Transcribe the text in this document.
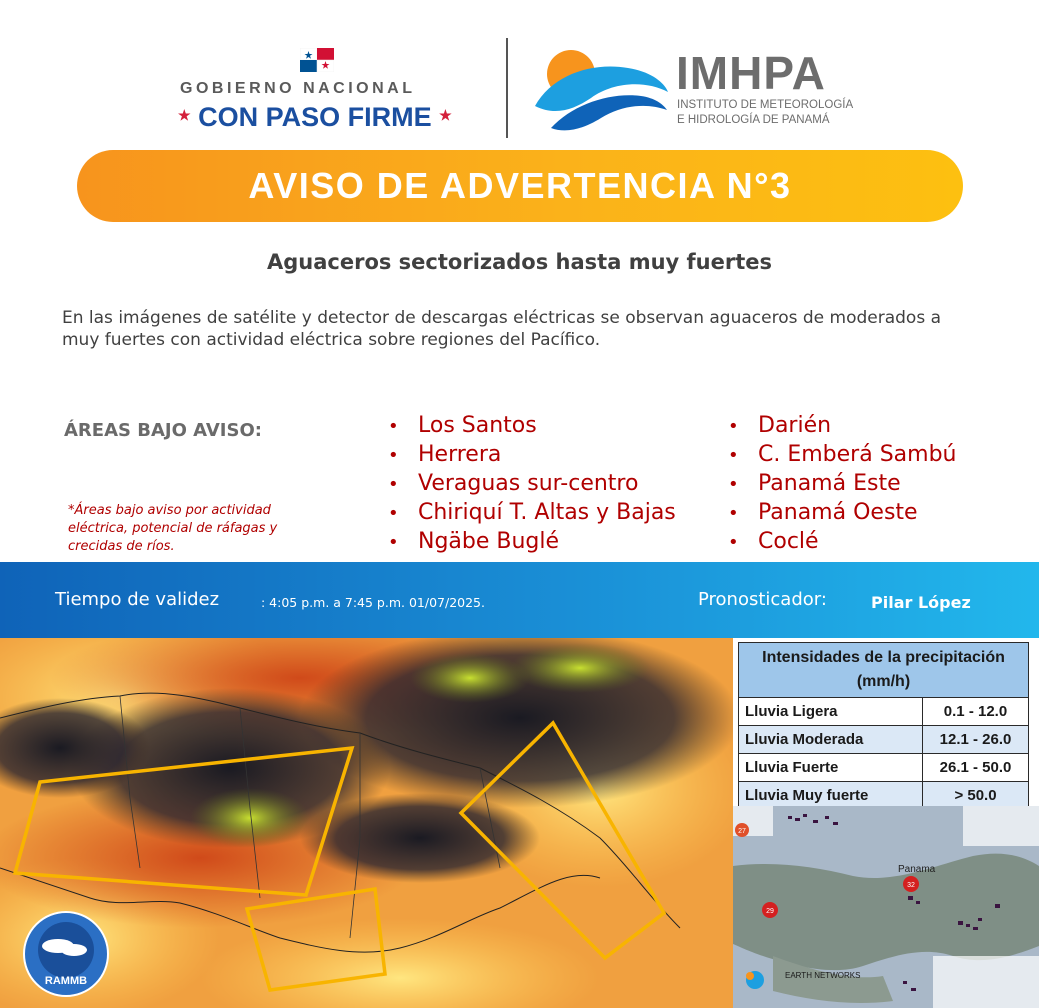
GOBIERNO NACIONAL
★ CON PASO FIRME ★
IMHPA
INSTITUTO DE METEOROLOGÍA
E HIDROLOGÍA DE PANAMÁ
AVISO DE ADVERTENCIA N°3
Aguaceros sectorizados hasta muy fuertes
En las imágenes de satélite y detector de descargas eléctricas se observan aguaceros de moderados a muy fuertes con actividad eléctrica sobre regiones del Pacífico.
ÁREAS BAJO AVISO:
*Áreas bajo aviso por actividad eléctrica, potencial de ráfagas y crecidas de ríos.
• Los Santos
• Herrera
• Veraguas sur-centro
• Chiriquí T. Altas y Bajas
• Ngäbe Buglé
• Darién
• C. Emberá Sambú
• Panamá Este
• Panamá Oeste
• Coclé
Tiempo de validez	: 4:05 p.m. a 7:45 p.m. 01/07/2025.	Pronosticador:	Pilar López
RAMMB
Intensidades de la precipitación (mm/h)	
Lluvia Ligera	0.1 - 12.0
Lluvia Moderada	12.1 - 26.0
Lluvia Fuerte	26.1 - 50.0
Lluvia Muy fuerte	> 50.0
Panama
27
32
29
EARTH NETWORKS
